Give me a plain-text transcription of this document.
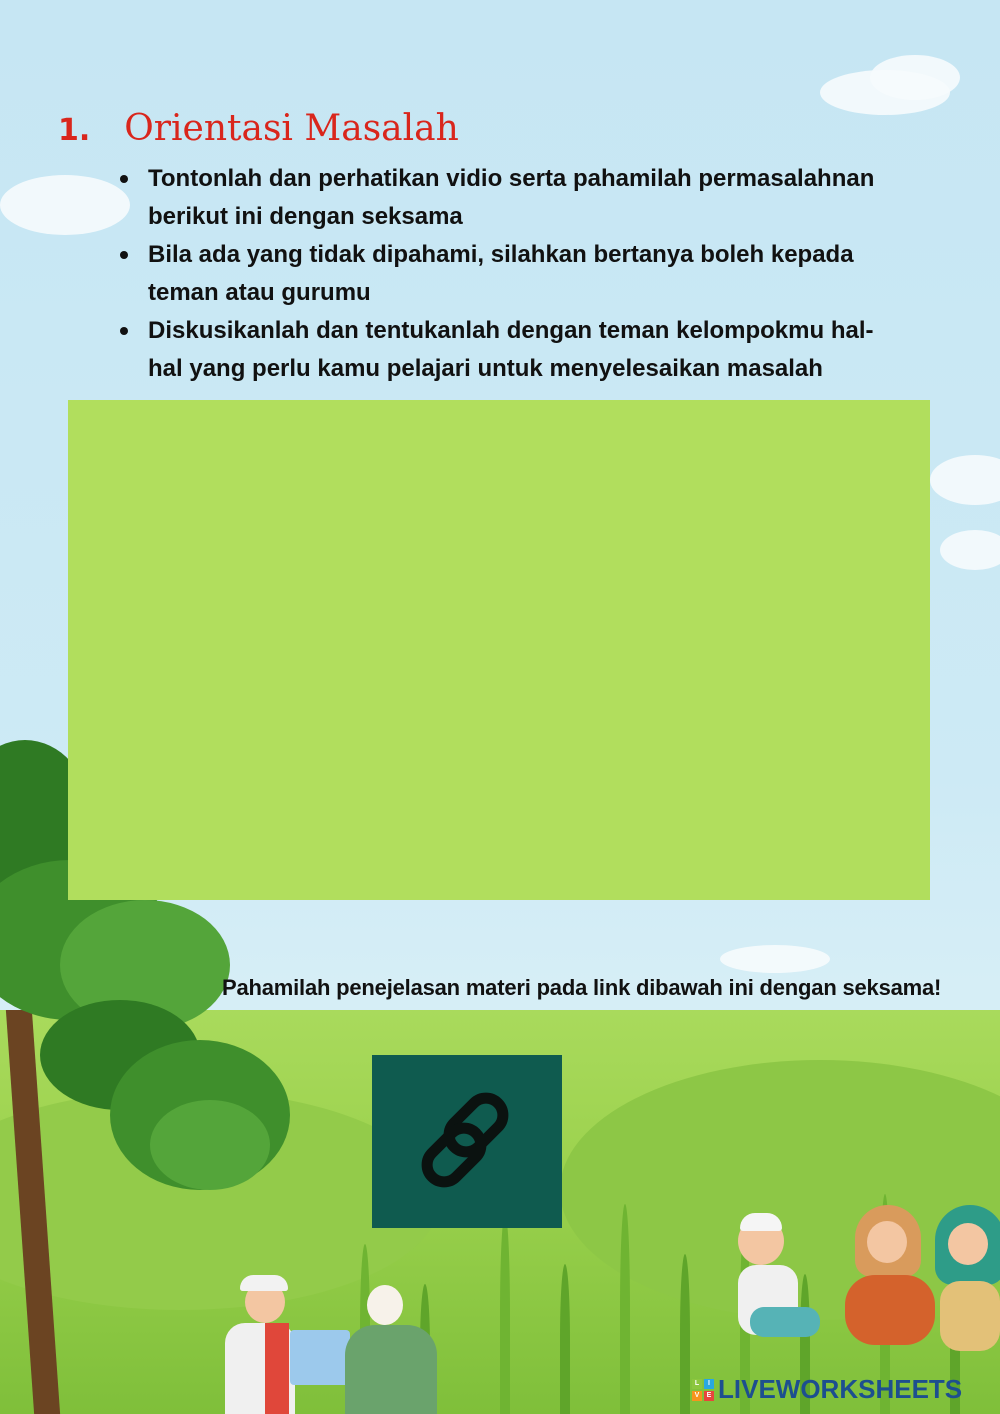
1. Orientasi Masalah
Tontonlah dan perhatikan vidio serta pahamilah permasalahnan berikut ini dengan seksama
Bila ada yang tidak dipahami, silahkan bertanya boleh kepada teman atau gurumu
Diskusikanlah dan tentukanlah dengan teman kelompokmu hal-hal yang perlu kamu pelajari untuk menyelesaikan masalah
Pahamilah penejelasan materi pada link dibawah ini dengan seksama!
L	I
V	E LIVEWORKSHEETS
